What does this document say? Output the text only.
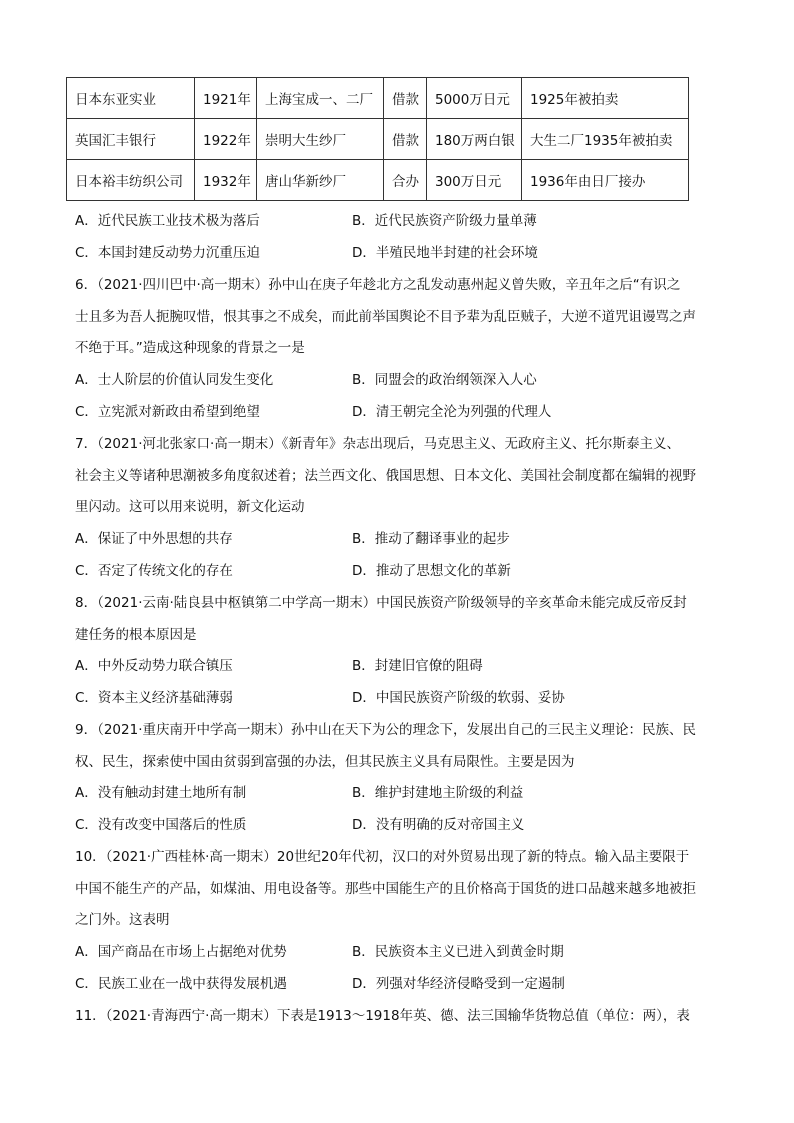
日本东亚实业	1921年	上海宝成一、二厂	借款	5000万日元	1925年被拍卖
英国汇丰银行	1922年	崇明大生纱厂	借款	180万两白银	大生二厂1935年被拍卖
日本裕丰纺织公司	1932年	唐山华新纱厂	合办	300万日元	1936年由日厂接办
A．近代民族工业技术极为落后	B．近代民族资产阶级力量单薄
C．本国封建反动势力沉重压迫	D．半殖民地半封建的社会环境
6．（2021·四川巴中·高一期末）孙中山在庚子年趁北方之乱发动惠州起义曾失败，辛丑年之后“有识之
士且多为吾人扼腕叹惜，恨其事之不成矣，而此前举国舆论不目予辈为乱臣贼子，大逆不道咒诅谩骂之声
不绝于耳。”造成这种现象的背景之一是
A．士人阶层的价值认同发生变化	B．同盟会的政治纲领深入人心
C．立宪派对新政由希望到绝望	D．清王朝完全沦为列强的代理人
7．（2021·河北张家口·高一期末）《新青年》杂志出现后，马克思主义、无政府主义、托尔斯泰主义、
社会主义等诸种思潮被多角度叙述着；法兰西文化、俄国思想、日本文化、美国社会制度都在编辑的视野
里闪动。这可以用来说明，新文化运动
A．保证了中外思想的共存	B．推动了翻译事业的起步
C．否定了传统文化的存在	D．推动了思想文化的革新
8．（2021·云南·陆良县中枢镇第二中学高一期末）中国民族资产阶级领导的辛亥革命未能完成反帝反封
建任务的根本原因是
A．中外反动势力联合镇压	B．封建旧官僚的阻碍
C．资本主义经济基础薄弱	D．中国民族资产阶级的软弱、妥协
9．（2021·重庆南开中学高一期末）孙中山在天下为公的理念下，发展出自己的三民主义理论：民族、民
权、民生，探索使中国由贫弱到富强的办法，但其民族主义具有局限性。主要是因为
A．没有触动封建土地所有制	B．维护封建地主阶级的利益
C．没有改变中国落后的性质	D．没有明确的反对帝国主义
10．（2021·广西桂林·高一期末）20世纪20年代初，汉口的对外贸易出现了新的特点。输入品主要限于
中国不能生产的产品，如煤油、用电设备等。那些中国能生产的且价格高于国货的进口品越来越多地被拒
之门外。这表明
A．国产商品在市场上占据绝对优势	B．民族资本主义已进入到黄金时期
C．民族工业在一战中获得发展机遇	D．列强对华经济侵略受到一定遏制
11．（2021·青海西宁·高一期末）下表是1913～1918年英、德、法三国输华货物总值（单位：两），表
